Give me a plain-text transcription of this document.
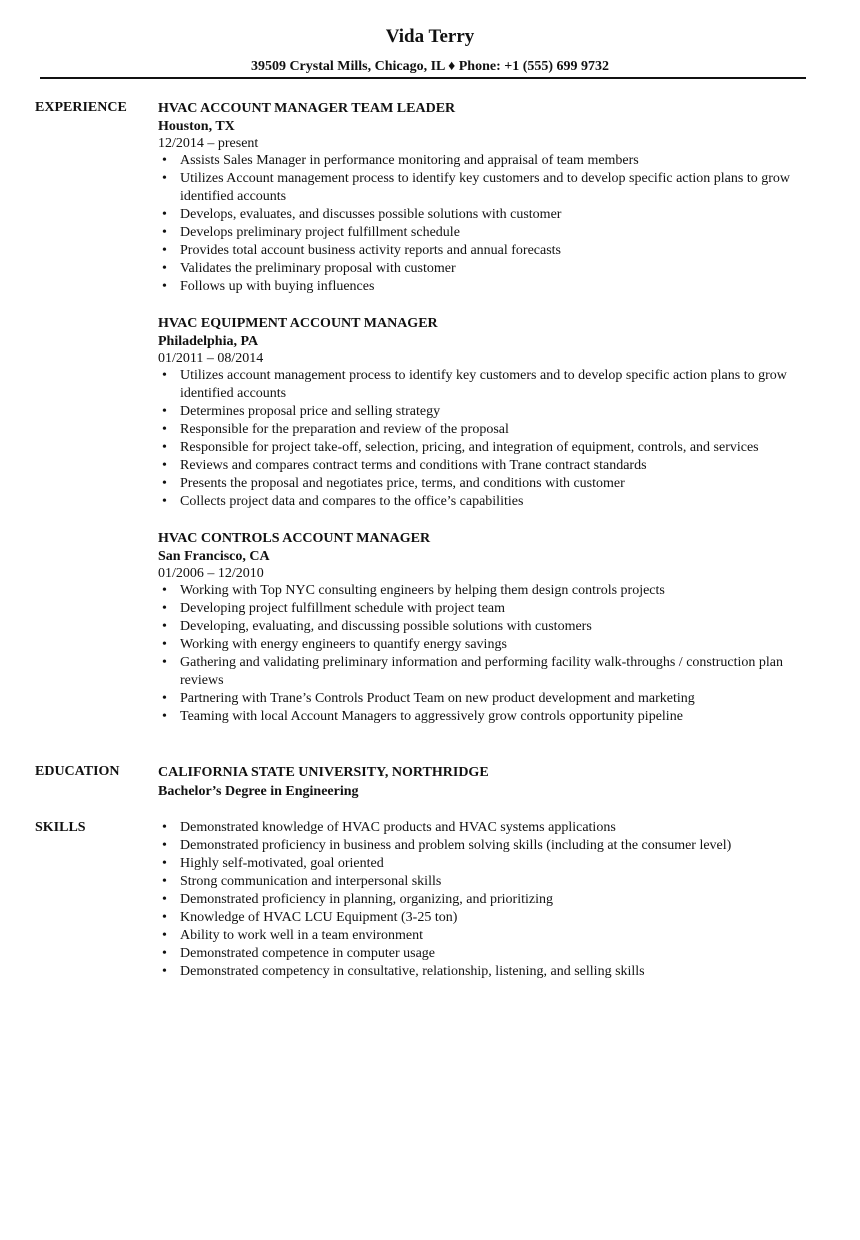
Vida Terry
39509 Crystal Mills, Chicago, IL ♦ Phone: +1 (555) 699 9732
EXPERIENCE	HVAC ACCOUNT MANAGER TEAM LEADER
Houston, TX
12/2014 – present
• Assists Sales Manager in performance monitoring and appraisal of team members
• Utilizes Account management process to identify key customers and to develop specific action plans to grow identified accounts
• Develops, evaluates, and discusses possible solutions with customer
• Develops preliminary project fulfillment schedule
• Provides total account business activity reports and annual forecasts
• Validates the preliminary proposal with customer
• Follows up with buying influences
HVAC EQUIPMENT ACCOUNT MANAGER
Philadelphia, PA
01/2011 – 08/2014
• Utilizes account management process to identify key customers and to develop specific action plans to grow identified accounts
• Determines proposal price and selling strategy
• Responsible for the preparation and review of the proposal
• Responsible for project take-off, selection, pricing, and integration of equipment, controls, and services
• Reviews and compares contract terms and conditions with Trane contract standards
• Presents the proposal and negotiates price, terms, and conditions with customer
• Collects project data and compares to the office’s capabilities
HVAC CONTROLS ACCOUNT MANAGER
San Francisco, CA
01/2006 – 12/2010
• Working with Top NYC consulting engineers by helping them design controls projects
• Developing project fulfillment schedule with project team
• Developing, evaluating, and discussing possible solutions with customers
• Working with energy engineers to quantify energy savings
• Gathering and validating preliminary information and performing facility walk-throughs / construction plan reviews
• Partnering with Trane’s Controls Product Team on new product development and marketing
• Teaming with local Account Managers to aggressively grow controls opportunity pipeline
EDUCATION	CALIFORNIA STATE UNIVERSITY, NORTHRIDGE
Bachelor’s Degree in Engineering
SKILLS
•	Demonstrated knowledge of HVAC products and HVAC systems applications
• Demonstrated proficiency in business and problem solving skills (including at the consumer level)
• Highly self-motivated, goal oriented
• Strong communication and interpersonal skills
• Demonstrated proficiency in planning, organizing, and prioritizing
• Knowledge of HVAC LCU Equipment (3-25 ton)
• Ability to work well in a team environment
• Demonstrated competence in computer usage
• Demonstrated competency in consultative, relationship, listening, and selling skills
